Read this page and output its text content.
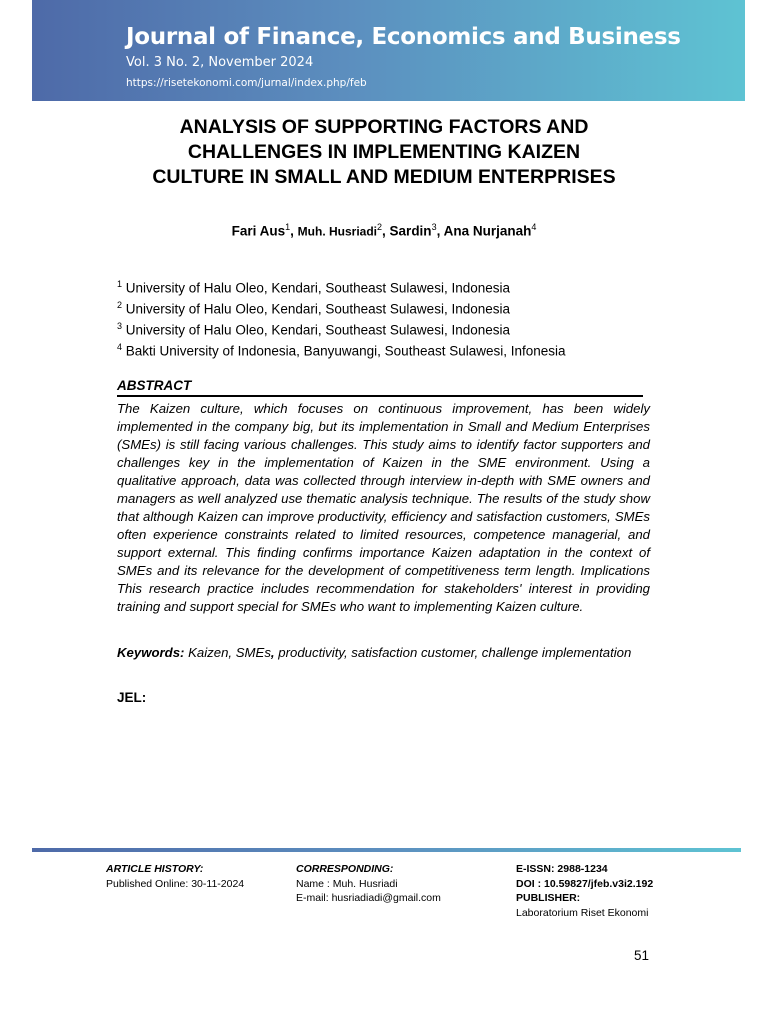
Journal of Finance, Economics and Business
Vol. 3 No. 2, November 2024
https://risetekonomi.com/jurnal/index.php/feb
ANALYSIS OF SUPPORTING FACTORS AND
CHALLENGES IN IMPLEMENTING KAIZEN
CULTURE IN SMALL AND MEDIUM ENTERPRISES
Fari Aus$^1$, Muh. Husriadi$^2$, Sardin$^3$, Ana Nurjanah$^4$
$^1$ University of Halu Oleo, Kendari, Southeast Sulawesi, Indonesia
$^2$ University of Halu Oleo, Kendari, Southeast Sulawesi, Indonesia
$^3$ University of Halu Oleo, Kendari, Southeast Sulawesi, Indonesia
$^4$ Bakti University of Indonesia, Banyuwangi, Southeast Sulawesi, Infonesia
ABSTRACT
The Kaizen culture, which focuses on continuous improvement, has been widely implemented in the company big, but its implementation in Small and Medium Enterprises (SMEs) is still facing various challenges. This study aims to identify factor supporters and challenges key in the implementation of Kaizen in the SME environment. Using a qualitative approach, data was collected through interview in-depth with SME owners and managers as well analyzed use thematic analysis technique. The results of the study show that although Kaizen can improve productivity, efficiency and satisfaction customers, SMEs often experience constraints related to limited resources, competence managerial, and support external. This finding confirms importance Kaizen adaptation in the context of SMEs and its relevance for the development of competitiveness term length. Implications This research practice includes recommendation for stakeholders' interest in providing training and support special for SMEs who want to implementing Kaizen culture.
Keywords: Kaizen, SMEs, productivity, satisfaction customer, challenge implementation
JEL:
ARTICLE HISTORY:
Published Online: 30-11-2024
CORRESPONDING:
Name : Muh. Husriadi
E-mail: husriadiadi@gmail.com
E-ISSN: 2988-1234
DOI : 10.59827/jfeb.v3i2.192
PUBLISHER:
Laboratorium Riset Ekonomi
51
